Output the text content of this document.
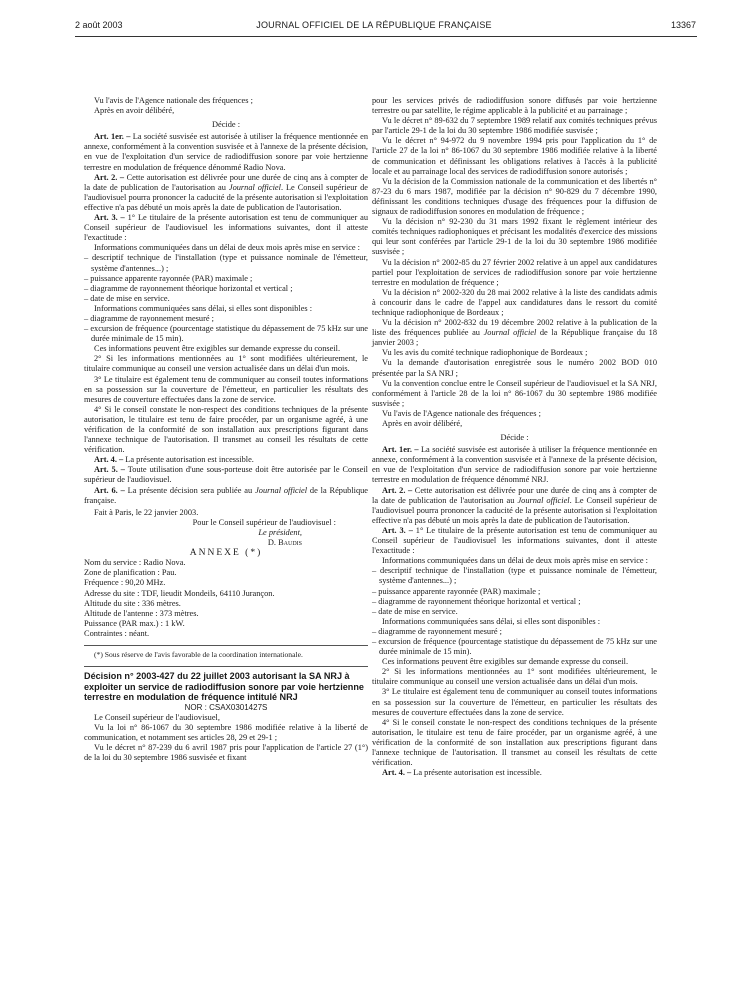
2 août 2003	JOURNAL OFFICIEL DE LA RÉPUBLIQUE FRANÇAISE	13367

Vu l'avis de l'Agence nationale des fréquences ;

Après en avoir délibéré,

Décide :

Art. 1er. – La société susvisée est autorisée à utiliser la fréquence mentionnée en annexe, conformément à la convention susvisée et à l'annexe de la présente décision, en vue de l'exploitation d'un service de radiodiffusion sonore par voie hertzienne terrestre en modulation de fréquence dénommé Radio Nova.

Art. 2. – Cette autorisation est délivrée pour une durée de cinq ans à compter de la date de publication de l'autorisation au Journal officiel. Le Conseil supérieur de l'audiovisuel pourra prononcer la caducité de la présente autorisation si l'exploitation effective n'a pas débuté un mois après la date de publication de l'autorisation.

Art. 3. – 1° Le titulaire de la présente autorisation est tenu de communiquer au Conseil supérieur de l'audiovisuel les informations suivantes, dont il atteste l'exactitude :

Informations communiquées dans un délai de deux mois après mise en service :

– descriptif technique de l'installation (type et puissance nominale de l'émetteur, système d'antennes...) ;

– puissance apparente rayonnée (PAR) maximale ;

– diagramme de rayonnement théorique horizontal et vertical ;

– date de mise en service.

Informations communiquées sans délai, si elles sont disponibles :

– diagramme de rayonnement mesuré ;

– excursion de fréquence (pourcentage statistique du dépassement de 75 kHz sur une durée minimale de 15 min).

Ces informations peuvent être exigibles sur demande expresse du conseil.

2° Si les informations mentionnées au 1° sont modifiées ultérieurement, le titulaire communique au conseil une version actualisée dans un délai d'un mois.

3° Le titulaire est également tenu de communiquer au conseil toutes informations en sa possession sur la couverture de l'émetteur, en particulier les résultats des mesures de couverture effectuées dans la zone de service.

4° Si le conseil constate le non-respect des conditions techniques de la présente autorisation, le titulaire est tenu de faire procéder, par un organisme agréé, à une vérification de la conformité de son installation aux prescriptions figurant dans l'annexe technique de l'autorisation. Il transmet au conseil les résultats de cette vérification.

Art. 4. – La présente autorisation est incessible.

Art. 5. – Toute utilisation d'une sous-porteuse doit être autorisée par le Conseil supérieur de l'audiovisuel.

Art. 6. – La présente décision sera publiée au Journal officiel de la République française.

Fait à Paris, le 22 janvier 2003.

Pour le Conseil supérieur de l'audiovisuel :

Le président,

D. Baudis

ANNEXE (*)

Nom du service : Radio Nova.

Zone de planification : Pau.

Fréquence : 90,20 MHz.

Adresse du site : TDF, lieudit Mondeils, 64110 Jurançon.

Altitude du site : 336 mètres.

Altitude de l'antenne : 373 mètres.

Puissance (PAR max.) : 1 kW.

Contraintes : néant.

(*) Sous réserve de l'avis favorable de la coordination internationale.

Décision n° 2003-427 du 22 juillet 2003 autorisant la SA NRJ à exploiter un service de radiodiffusion sonore par voie hertzienne terrestre en modulation de fréquence intitulé NRJ

NOR : CSAX0301427S

Le Conseil supérieur de l'audiovisuel,

Vu la loi n° 86-1067 du 30 septembre 1986 modifiée relative à la liberté de communication, et notamment ses articles 28, 29 et 29-1 ;

Vu le décret n° 87-239 du 6 avril 1987 pris pour l'application de l'article 27 (1°) de la loi du 30 septembre 1986 susvisée et fixant

pour les services privés de radiodiffusion sonore diffusés par voie hertzienne terrestre ou par satellite, le régime applicable à la publicité et au parrainage ;

Vu le décret n° 89-632 du 7 septembre 1989 relatif aux comités techniques prévus par l'article 29-1 de la loi du 30 septembre 1986 modifiée susvisée ;

Vu le décret n° 94-972 du 9 novembre 1994 pris pour l'application du 1° de l'article 27 de la loi n° 86-1067 du 30 septembre 1986 modifiée relative à la liberté de communication et définissant les obligations relatives à l'accès à la publicité locale et au parrainage local des services de radiodiffusion sonore autorisés ;

Vu la décision de la Commission nationale de la communication et des libertés n° 87-23 du 6 mars 1987, modifiée par la décision n° 90-829 du 7 décembre 1990, définissant les conditions techniques d'usage des fréquences pour la diffusion de signaux de radiodiffusion sonores en modulation de fréquence ;

Vu la décision n° 92-230 du 31 mars 1992 fixant le règlement intérieur des comités techniques radiophoniques et précisant les modalités d'exercice des missions qui leur sont conférées par l'article 29-1 de la loi du 30 septembre 1986 modifiée susvisée ;

Vu la décision n° 2002-85 du 27 février 2002 relative à un appel aux candidatures partiel pour l'exploitation de services de radiodiffusion sonore par voie hertzienne terrestre en modulation de fréquence ;

Vu la décision n° 2002-320 du 28 mai 2002 relative à la liste des candidats admis à concourir dans le cadre de l'appel aux candidatures dans le ressort du comité technique radiophonique de Bordeaux ;

Vu la décision n° 2002-832 du 19 décembre 2002 relative à la publication de la liste des fréquences publiée au Journal officiel de la République française du 18 janvier 2003 ;

Vu les avis du comité technique radiophonique de Bordeaux ;

Vu la demande d'autorisation enregistrée sous le numéro 2002 BOD 010 présentée par la SA NRJ ;

Vu la convention conclue entre le Conseil supérieur de l'audiovisuel et la SA NRJ, conformément à l'article 28 de la loi n° 86-1067 du 30 septembre 1986 modifiée susvisée ;

Vu l'avis de l'Agence nationale des fréquences ;

Après en avoir délibéré,

Décide :

Art. 1er. – La société susvisée est autorisée à utiliser la fréquence mentionnée en annexe, conformément à la convention susvisée et à l'annexe de la présente décision, en vue de l'exploitation d'un service de radiodiffusion sonore par voie hertzienne terrestre en modulation de fréquence dénommé NRJ.

Art. 2. – Cette autorisation est délivrée pour une durée de cinq ans à compter de la date de publication de l'autorisation au Journal officiel. Le Conseil supérieur de l'audiovisuel pourra prononcer la caducité de la présente autorisation si l'exploitation effective n'a pas débuté un mois après la date de publication de l'autorisation.

Art. 3. – 1° Le titulaire de la présente autorisation est tenu de communiquer au Conseil supérieur de l'audiovisuel les informations suivantes, dont il atteste l'exactitude :

Informations communiquées dans un délai de deux mois après mise en service :

– descriptif technique de l'installation (type et puissance nominale de l'émetteur, système d'antennes...) ;

– puissance apparente rayonnée (PAR) maximale ;

– diagramme de rayonnement théorique horizontal et vertical ;

– date de mise en service.

Informations communiquées sans délai, si elles sont disponibles :

– diagramme de rayonnement mesuré ;

– excursion de fréquence (pourcentage statistique du dépassement de 75 kHz sur une durée minimale de 15 min).

Ces informations peuvent être exigibles sur demande expresse du conseil.

2° Si les informations mentionnées au 1° sont modifiées ultérieurement, le titulaire communique au conseil une version actualisée dans un délai d'un mois.

3° Le titulaire est également tenu de communiquer au conseil toutes informations en sa possession sur la couverture de l'émetteur, en particulier les résultats des mesures de couverture effectuées dans la zone de service.

4° Si le conseil constate le non-respect des conditions techniques de la présente autorisation, le titulaire est tenu de faire procéder, par un organisme agréé, à une vérification de la conformité de son installation aux prescriptions figurant dans l'annexe technique de l'autorisation. Il transmet au conseil les résultats de cette vérification.

Art. 4. – La présente autorisation est incessible.
